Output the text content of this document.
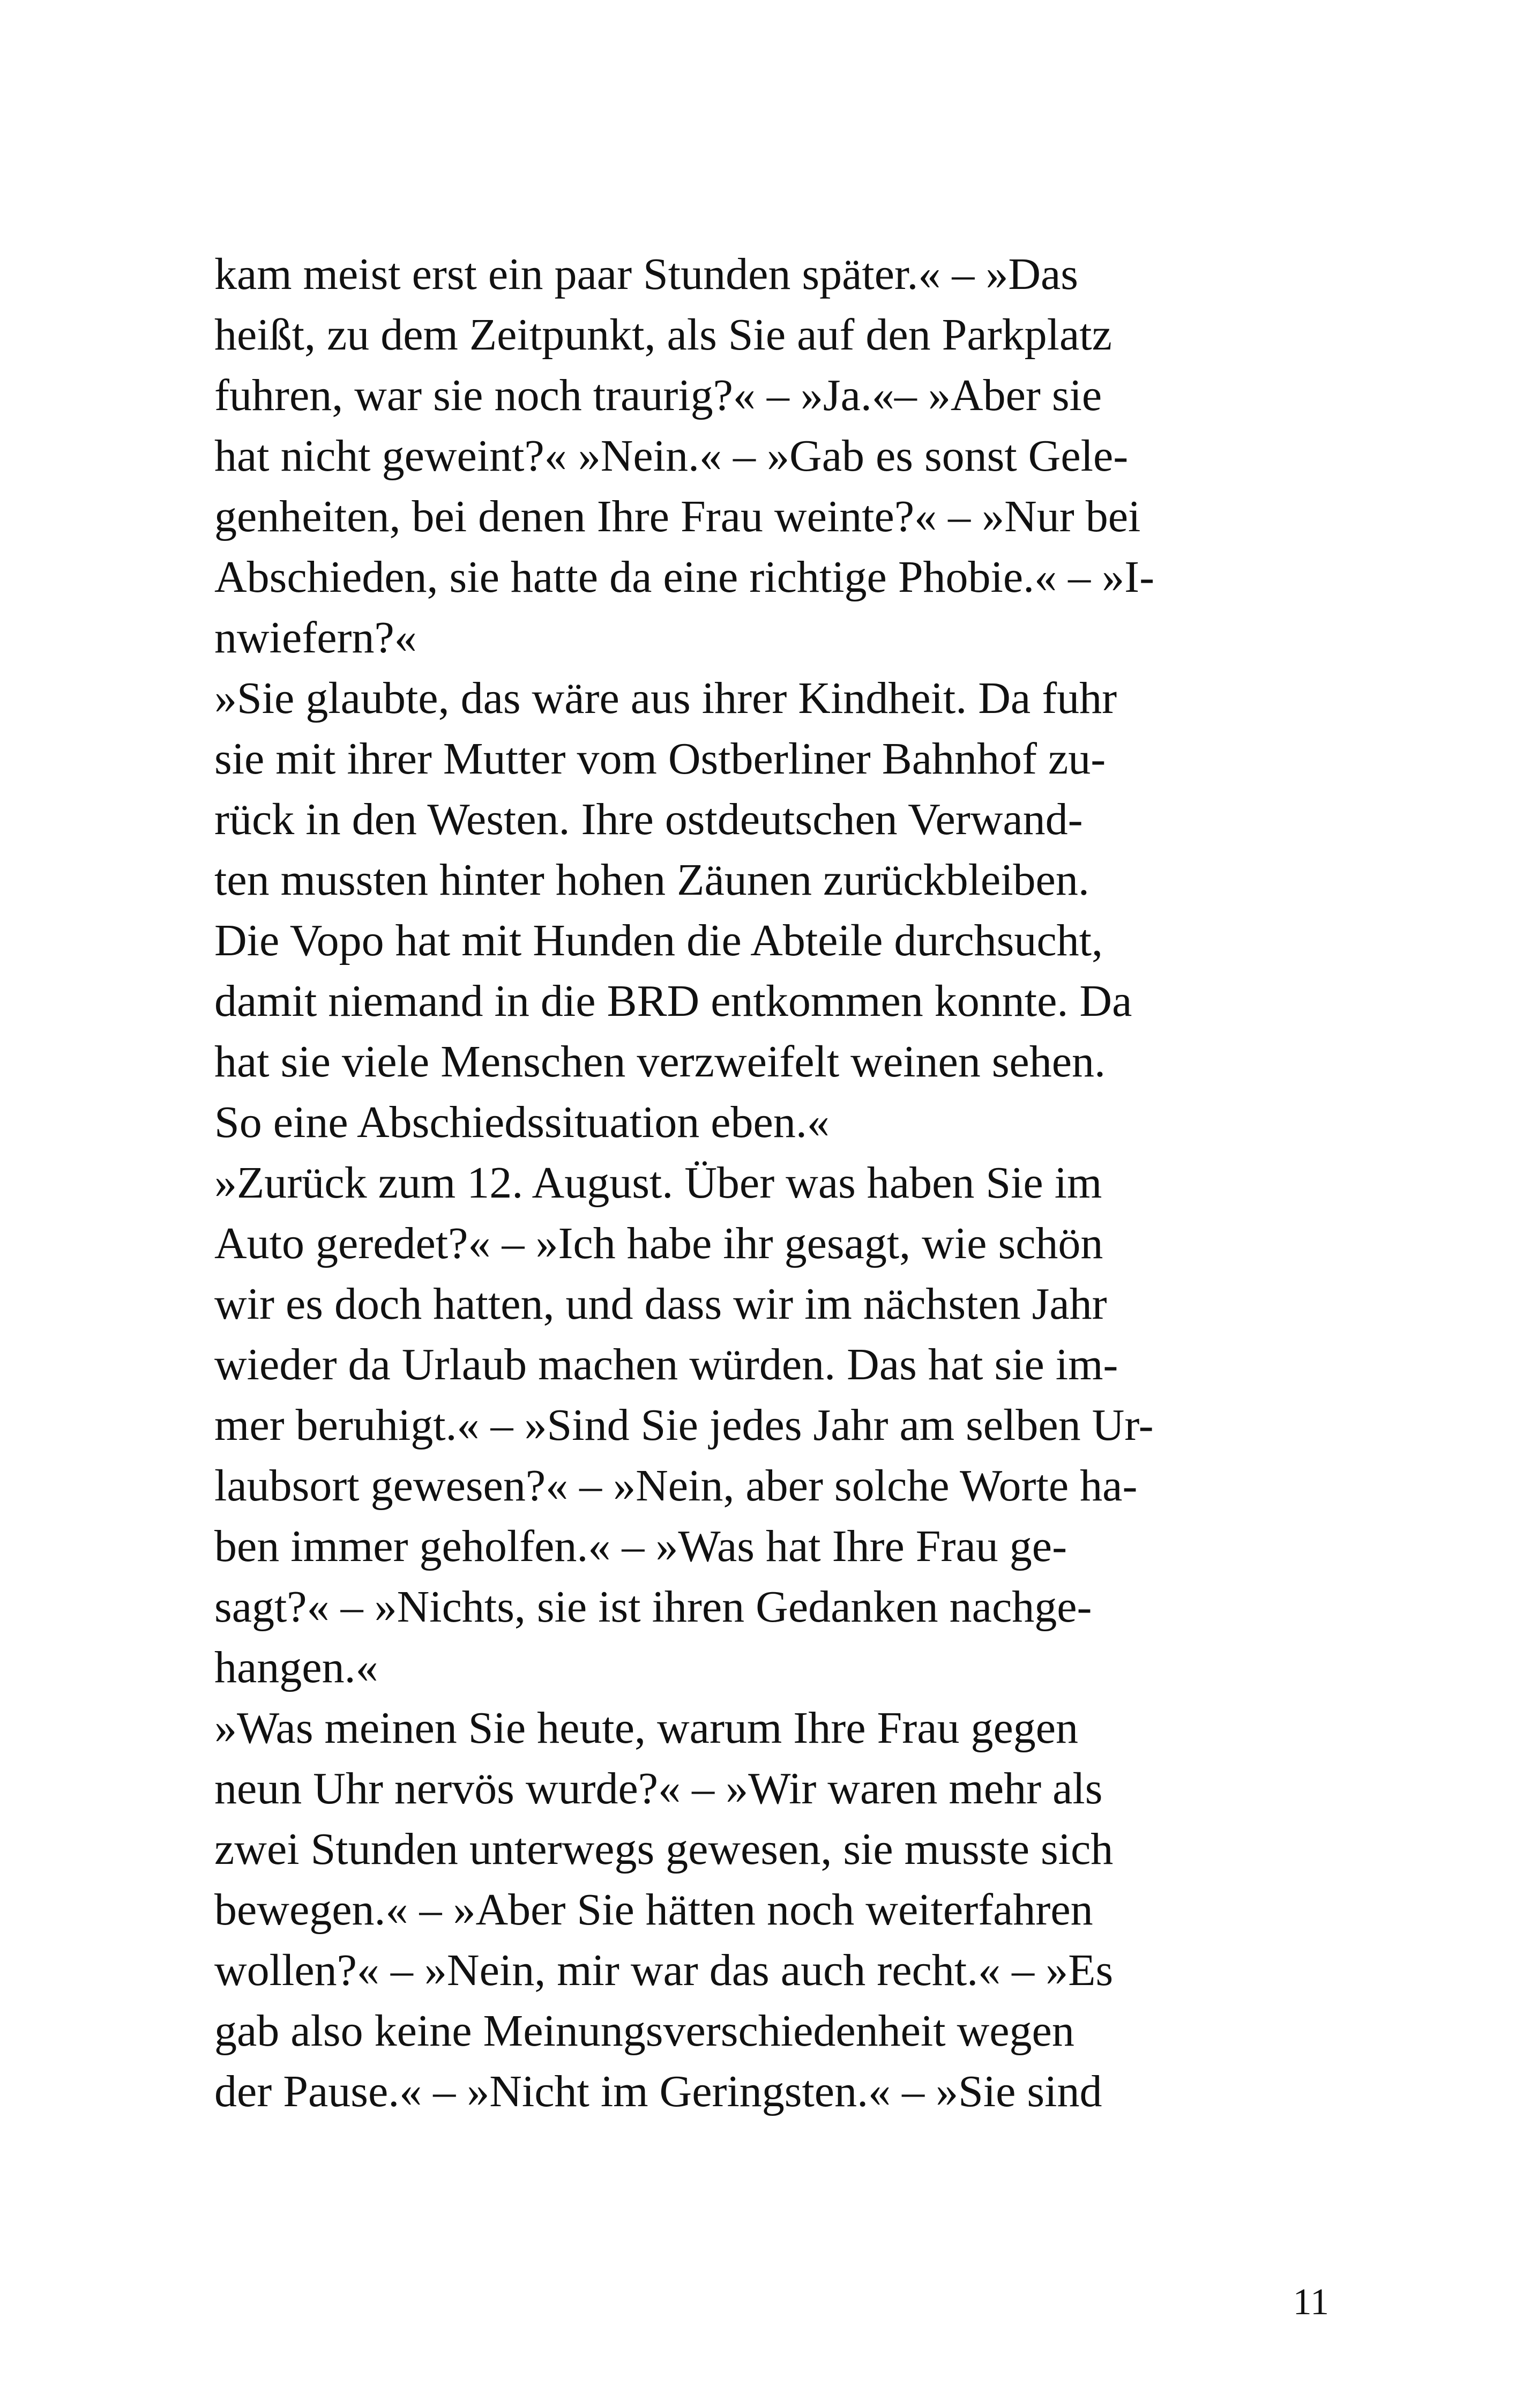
kam meist erst ein paar Stunden später.« – »Das
heißt, zu dem Zeitpunkt, als Sie auf den Parkplatz
fuhren, war sie noch traurig?« – »Ja.«– »Aber sie
hat nicht geweint?« »Nein.« – »Gab es sonst Gele-
genheiten, bei denen Ihre Frau weinte?« – »Nur bei
Abschieden, sie hatte da eine richtige Phobie.« – »I-
nwiefern?«
»Sie glaubte, das wäre aus ihrer Kindheit. Da fuhr
sie mit ihrer Mutter vom Ostberliner Bahnhof zu-
rück in den Westen. Ihre ostdeutschen Verwand-
ten mussten hinter hohen Zäunen zurückbleiben.
Die Vopo hat mit Hunden die Abteile durchsucht,
damit niemand in die BRD entkommen konnte. Da
hat sie viele Menschen verzweifelt weinen sehen.
So eine Abschiedssituation eben.«
»Zurück zum 12. August. Über was haben Sie im
Auto geredet?« – »Ich habe ihr gesagt, wie schön
wir es doch hatten, und dass wir im nächsten Jahr
wieder da Urlaub machen würden. Das hat sie im-
mer beruhigt.« – »Sind Sie jedes Jahr am selben Ur-
laubsort gewesen?« – »Nein, aber solche Worte ha-
ben immer geholfen.« – »Was hat Ihre Frau ge-
sagt?« – »Nichts, sie ist ihren Gedanken nachge-
hangen.«
»Was meinen Sie heute, warum Ihre Frau gegen
neun Uhr nervös wurde?« – »Wir waren mehr als
zwei Stunden unterwegs gewesen, sie musste sich
bewegen.« – »Aber Sie hätten noch weiterfahren
wollen?« – »Nein, mir war das auch recht.« – »Es
gab also keine Meinungsverschiedenheit wegen
der Pause.« – »Nicht im Geringsten.« – »Sie sind
11
